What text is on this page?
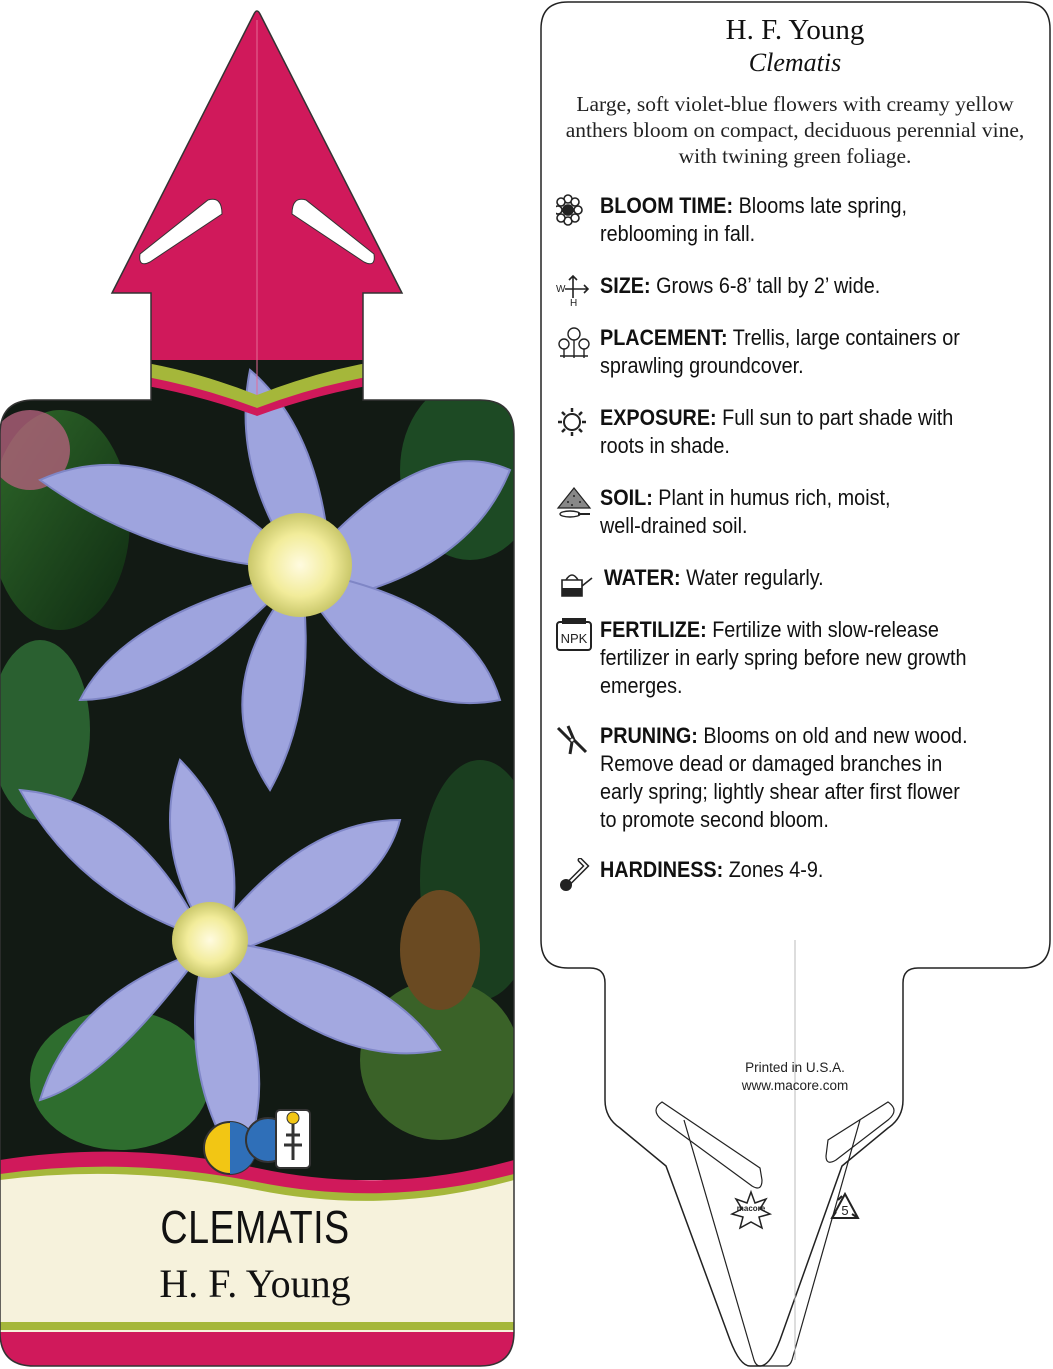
CLEMATIS
H. F. Young
H. F. Young
Clematis
Large, soft violet-blue flowers with creamy yellow anthers bloom on compact, deciduous perennial vine, with twining green foliage.
BLOOM TIME: Blooms late spring,
reblooming in fall.
W
H
SIZE: Grows 6-8’ tall by 2’ wide.
PLACEMENT: Trellis, large containers or
sprawling groundcover.
EXPOSURE: Full sun to part shade with
roots in shade.
SOIL: Plant in humus rich, moist,
well-drained soil.
WATER: Water regularly.
NPK FERTILIZE: Fertilize with slow-release
fertilizer in early spring before new growth
emerges.
PRUNING: Blooms on old and new wood.
Remove dead or damaged branches in
early spring; lightly shear after first flower
to promote second bloom.
HARDINESS: Zones 4-9.
Printed in U.S.A.
www.macore.com
macore	5
